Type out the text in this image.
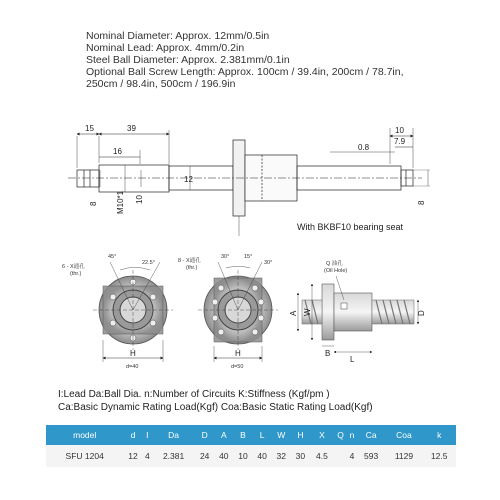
Nominal Diameter: Approx. 12mm/0.5in

Nominal Lead: Approx. 4mm/0.2in

Steel Ball Diameter: Approx. 2.381mm/0.1in

Optional Ball Screw Length: Approx. 100cm / 39.4in, 200cm / 78.7in,

250cm / 98.4in, 500cm / 196.9in

15	39
16
10
7.9
0.8
12
8 M10*1 10	8
With BKBF10 bearing seat
6 - X通孔
(thr.)
45°
22.5°
H
d=40
8 - X通孔
(thr.)
30°	15°
30°
H
d=50
Q 油孔
(Oil Hole)
A W	D
L
B

I:Lead Da:Ball Dia. n:Number of Circuits K:Stiffness (Kgf/pm )

Ca:Basic Dynamic Rating Load(Kgf) Coa:Basic Static Rating Load(Kgf)

model	d	I	Da	D	A	B	L	W	H	X	Q	n	Ca	Coa	k
SFU 1204	12	4	2.381	24	40	10	40	32	30	4.5		4	593	1129	12.5
